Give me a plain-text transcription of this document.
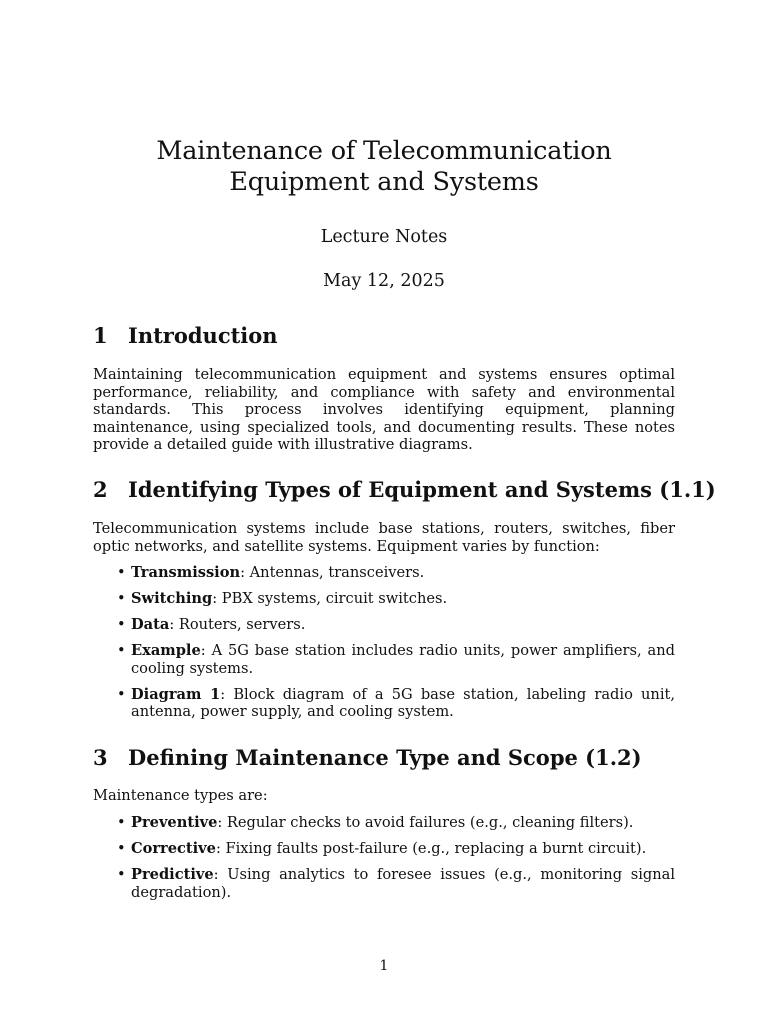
Maintenance of Telecommunication
Equipment and Systems
Lecture Notes
May 12, 2025
1 Introduction

Maintaining telecommunication equipment and systems ensures optimal performance, reliability, and compliance with safety and environmental standards. This process involves identifying equipment, planning maintenance, using specialized tools, and documenting results. These notes provide a detailed guide with illustrative diagrams.

2 Identifying Types of Equipment and Systems (1.1)

Telecommunication systems include base stations, routers, switches, fiber optic networks, and satellite systems. Equipment varies by function:

• Transmission: Antennas, transceivers.
• Switching: PBX systems, circuit switches.
• Data: Routers, servers.
• Example: A 5G base station includes radio units, power amplifiers, and cooling systems.
• Diagram 1: Block diagram of a 5G base station, labeling radio unit, antenna, power supply, and cooling system.
3 Defining Maintenance Type and Scope (1.2)

Maintenance types are:

• Preventive: Regular checks to avoid failures (e.g., cleaning filters).
• Corrective: Fixing faults post-failure (e.g., replacing a burnt circuit).
• Predictive: Using analytics to foresee issues (e.g., monitoring signal degradation).
1
